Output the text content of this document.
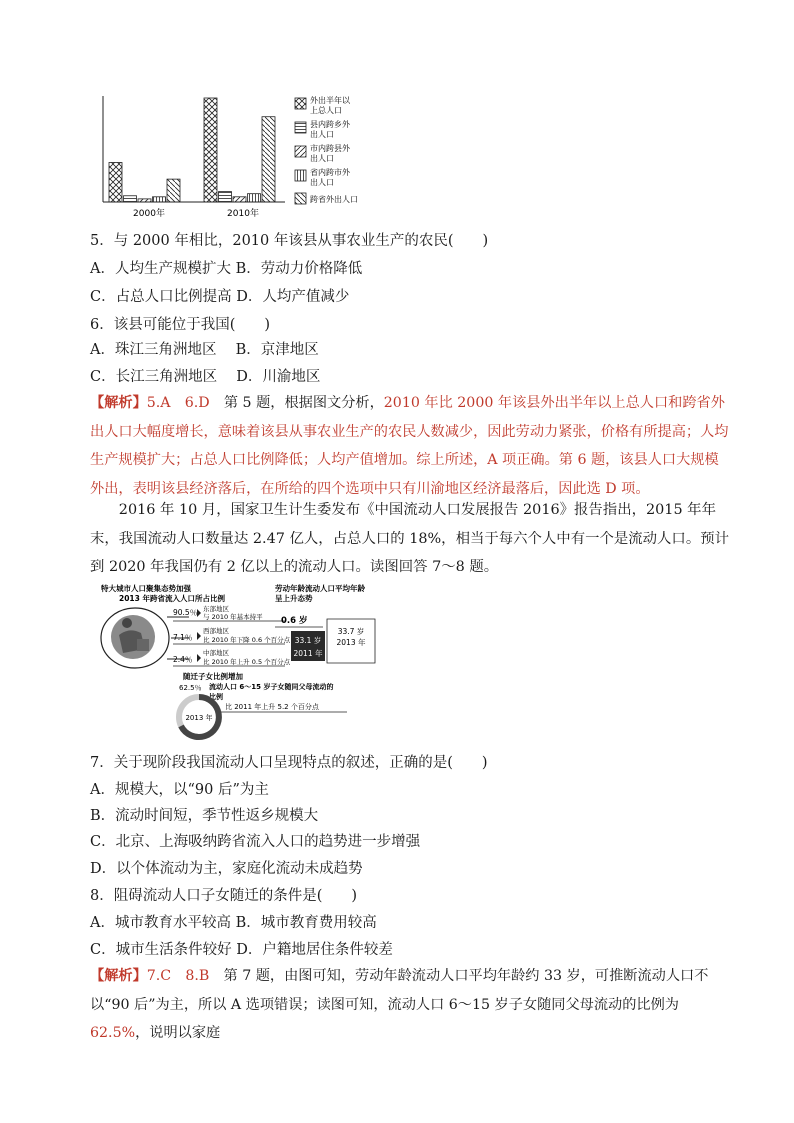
2000年	2010年
外出半年以
上总人口
县内跨乡外
出人口
市内跨县外
出人口
省内跨市外
出人口
跨省外出人口
5．与 2000 年相比，2010 年该县从事农业生产的农民(　　)
A．人均生产规模扩大 B．劳动力价格降低
C．占总人口比例提高 D．人均产值减少
6．该县可能位于我国(　　)
A．珠江三角洲地区　 B．京津地区
C．长江三角洲地区　 D．川渝地区
【解析】5.A　6.D　第 5 题，根据图文分析，2010 年比 2000 年该县外出半年以上总人口和跨省外出人口大幅度增长，意味着该县从事农业生产的农民人数减少，因此劳动力紧张，价格有所提高；人均生产规模扩大；占总人口比例降低；人均产值增加。综上所述，A 项正确。第 6 题，该县人口大规模外出，表明该县经济落后，在所给的四个选项中只有川渝地区经济最落后，因此选 D 项。
2016 年 10 月，国家卫生计生委发布《中国流动人口发展报告 2016》报告指出，2015 年年末，我国流动人口数量达 2.47 亿人，占总人口的 18%，相当于每六个人中有一个是流动人口。预计到 2020 年我国仍有 2 亿以上的流动人口。读图回答 7～8 题。
特大城市人口聚集态势加强
2013 年跨省流入人口所占比例
劳动年龄流动人口平均年龄
呈上升态势
90.5％ 东部地区
与 2010 年基本持平
7.1％
西部地区
比 2010 年下降 0.6 个百分点
2.4％
中部地区
比 2010 年上升 0.5 个百分点
0.6 岁
33.1 岁
2011 年
33.7 岁
2013 年
随迁子女比例增加
62.5％ 流动人口 6～15 岁子女随同父母流动的
比例
2013 年
比 2011 年上升 5.2 个百分点
7．关于现阶段我国流动人口呈现特点的叙述，正确的是(　　)
A．规模大，以“90 后”为主
B．流动时间短，季节性返乡规模大
C．北京、上海吸纳跨省流入人口的趋势进一步增强
D．以个体流动为主，家庭化流动未成趋势
8．阻碍流动人口子女随迁的条件是(　　)
A．城市教育水平较高 B．城市教育费用较高
C．城市生活条件较好 D．户籍地居住条件较差
【解析】7.C　8.B　第 7 题，由图可知，劳动年龄流动人口平均年龄约 33 岁，可推断流动人口不以“90 后”为主，所以 A 选项错误；读图可知，流动人口 6～15 岁子女随同父母流动的比例为 62.5%，说明以家庭
